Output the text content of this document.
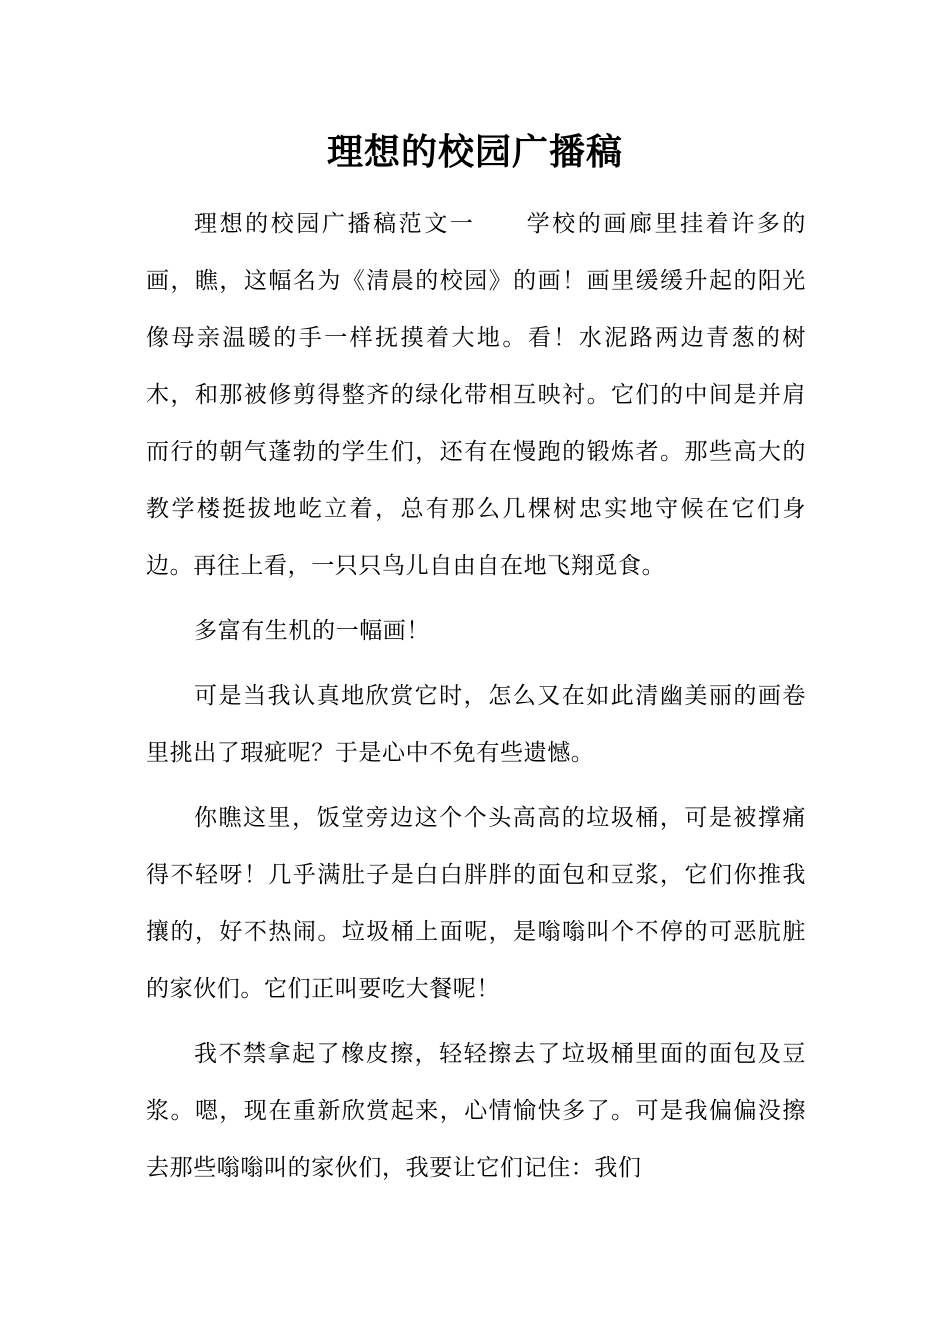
理想的校园广播稿

理想的校园广播稿范文一　　学校的画廊里挂着许多的画，瞧，这幅名为《清晨的校园》的画！画里缓缓升起的阳光像母亲温暖的手一样抚摸着大地。看！水泥路两边青葱的树木，和那被修剪得整齐的绿化带相互映衬。它们的中间是并肩而行的朝气蓬勃的学生们，还有在慢跑的锻炼者。那些高大的教学楼挺拔地屹立着，总有那么几棵树忠实地守候在它们身边。再往上看，一只只鸟儿自由自在地飞翔觅食。

多富有生机的一幅画！

可是当我认真地欣赏它时，怎么又在如此清幽美丽的画卷里挑出了瑕疵呢？于是心中不免有些遗憾。

你瞧这里，饭堂旁边这个个头高高的垃圾桶，可是被撑痛得不轻呀！几乎满肚子是白白胖胖的面包和豆浆，它们你推我攘的，好不热闹。垃圾桶上面呢，是嗡嗡叫个不停的可恶肮脏的家伙们。它们正叫要吃大餐呢！

我不禁拿起了橡皮擦，轻轻擦去了垃圾桶里面的面包及豆浆。嗯，现在重新欣赏起来，心情愉快多了。可是我偏偏没擦去那些嗡嗡叫的家伙们，我要让它们记住：我们
